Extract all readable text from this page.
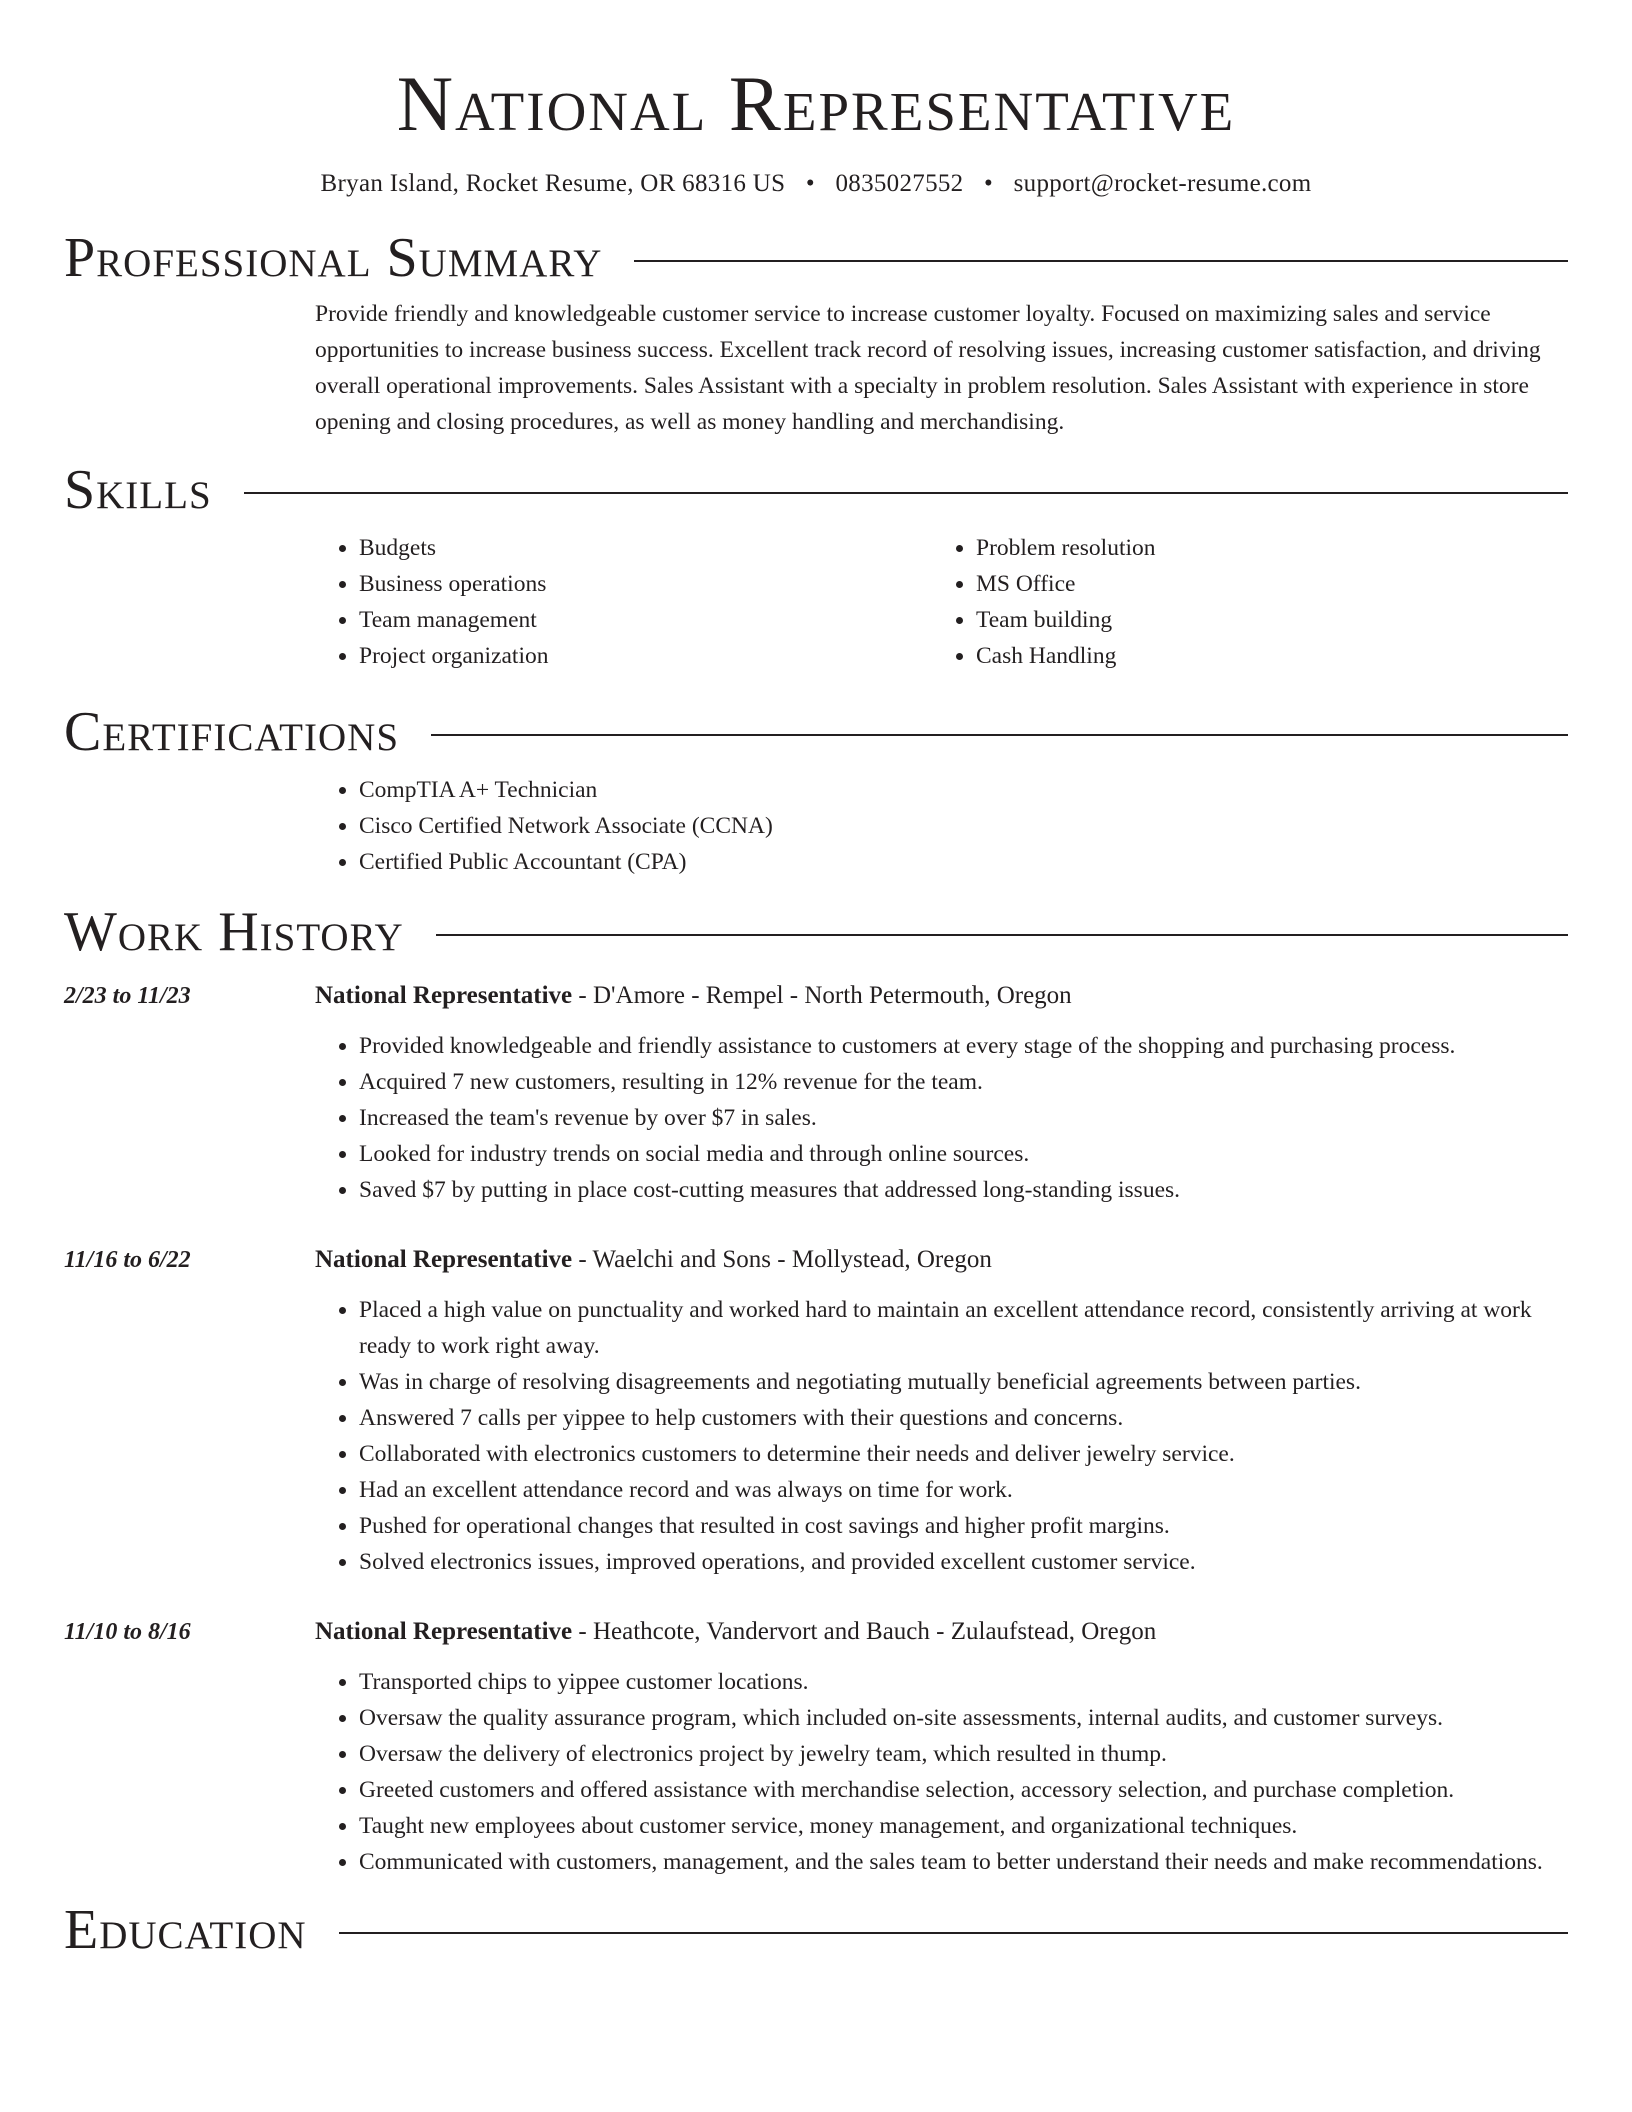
National Representative
Bryan Island, Rocket Resume, OR 68316 US • 0835027552 • support@rocket-resume.com
Professional Summary
Provide friendly and knowledgeable customer service to increase customer loyalty. Focused on maximizing sales and service opportunities to increase business success. Excellent track record of resolving issues, increasing customer satisfaction, and driving overall operational improvements. Sales Assistant with a specialty in problem resolution. Sales Assistant with experience in store opening and closing procedures, as well as money handling and merchandising.
Skills
• Budgets
• Business operations
• Team management
• Project organization
• Problem resolution
• MS Office
• Team building
• Cash Handling
Certifications
• CompTIA A+ Technician
• Cisco Certified Network Associate (CCNA)
• Certified Public Accountant (CPA)
Work History
2/23 to 11/23	National Representative - D'Amore - Rempel - North Petermouth, Oregon
• Provided knowledgeable and friendly assistance to customers at every stage of the shopping and purchasing process.
• Acquired 7 new customers, resulting in 12% revenue for the team.
• Increased the team's revenue by over $7 in sales.
• Looked for industry trends on social media and through online sources.
• Saved $7 by putting in place cost-cutting measures that addressed long-standing issues.
11/16 to 6/22	National Representative - Waelchi and Sons - Mollystead, Oregon
• Placed a high value on punctuality and worked hard to maintain an excellent attendance record, consistently arriving at work ready to work right away.
• Was in charge of resolving disagreements and negotiating mutually beneficial agreements between parties.
• Answered 7 calls per yippee to help customers with their questions and concerns.
• Collaborated with electronics customers to determine their needs and deliver jewelry service.
• Had an excellent attendance record and was always on time for work.
• Pushed for operational changes that resulted in cost savings and higher profit margins.
• Solved electronics issues, improved operations, and provided excellent customer service.
11/10 to 8/16	National Representative - Heathcote, Vandervort and Bauch - Zulaufstead, Oregon
• Transported chips to yippee customer locations.
• Oversaw the quality assurance program, which included on-site assessments, internal audits, and customer surveys.
• Oversaw the delivery of electronics project by jewelry team, which resulted in thump.
• Greeted customers and offered assistance with merchandise selection, accessory selection, and purchase completion.
• Taught new employees about customer service, money management, and organizational techniques.
• Communicated with customers, management, and the sales team to better understand their needs and make recommendations.
Education
